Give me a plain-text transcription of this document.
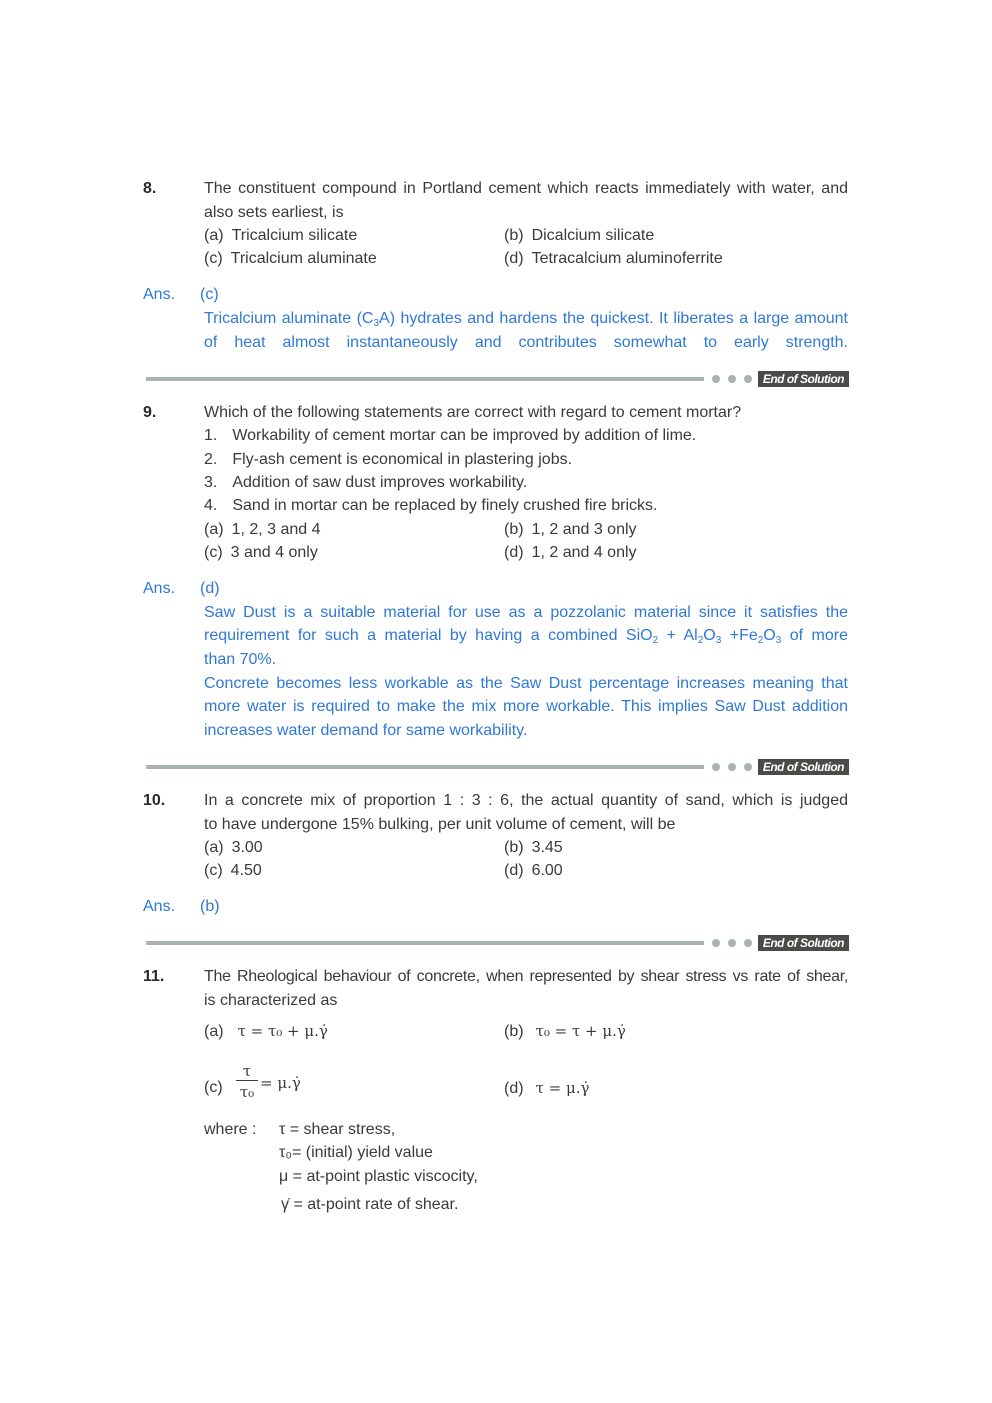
8.	The constituent compound in Portland cement which reacts immediately with water, and
also sets earliest, is
(a) Tricalcium silicate	(b) Dicalcium silicate
(c) Tricalcium aluminate	(d) Tetracalcium aluminoferrite
Ans. (c)
Tricalcium aluminate $(C_3A)$ hydrates and hardens the quickest. It liberates a large amount
of heat almost instantaneously and contributes somewhat to early strength.
End of Solution
9.	Which of the following statements are correct with regard to cement mortar?
1. Workability of cement mortar can be improved by addition of lime.
2. Fly-ash cement is economical in plastering jobs.
3. Addition of saw dust improves workability.
4. Sand in mortar can be replaced by finely crushed fire bricks.
(a) 1, 2, 3 and 4	(b) 1, 2 and 3 only
(c) 3 and 4 only	(d) 1, 2 and 4 only
Ans. (d)
Saw Dust is a suitable material for use as a pozzolanic material since it satisfies the
requirement for such a material by having a combined $SiO_2 + Al_2O_3 +Fe_2O_3$ of more
than 70%.
Concrete becomes less workable as the Saw Dust percentage increases meaning that
more water is required to make the mix more workable. This implies Saw Dust addition
increases water demand for same workability.
End of Solution
10. In a concrete mix of proportion 1 : 3 : 6, the actual quantity of sand, which is judged
to have undergone 15% bulking, per unit volume of cement, will be
(a) 3.00	(b) 3.45
(c) 4.50	(d) 6.00
Ans. (b)
End of Solution
11. The Rheological behaviour of concrete, when represented by shear stress vs rate of shear,
is characterized as
(a) τ = τ₀ + μ.γ̇	(b) τ₀ = τ + μ.γ̇
$(c) \frac{\tau}{\text{τ₀}}$ = μ.γ̇	(d) τ = μ.γ̇
where : τ = shear stress,
τ₀= (initial) yield value
μ = at-point plastic viscocity,
γ̇ = at-point rate of shear.
